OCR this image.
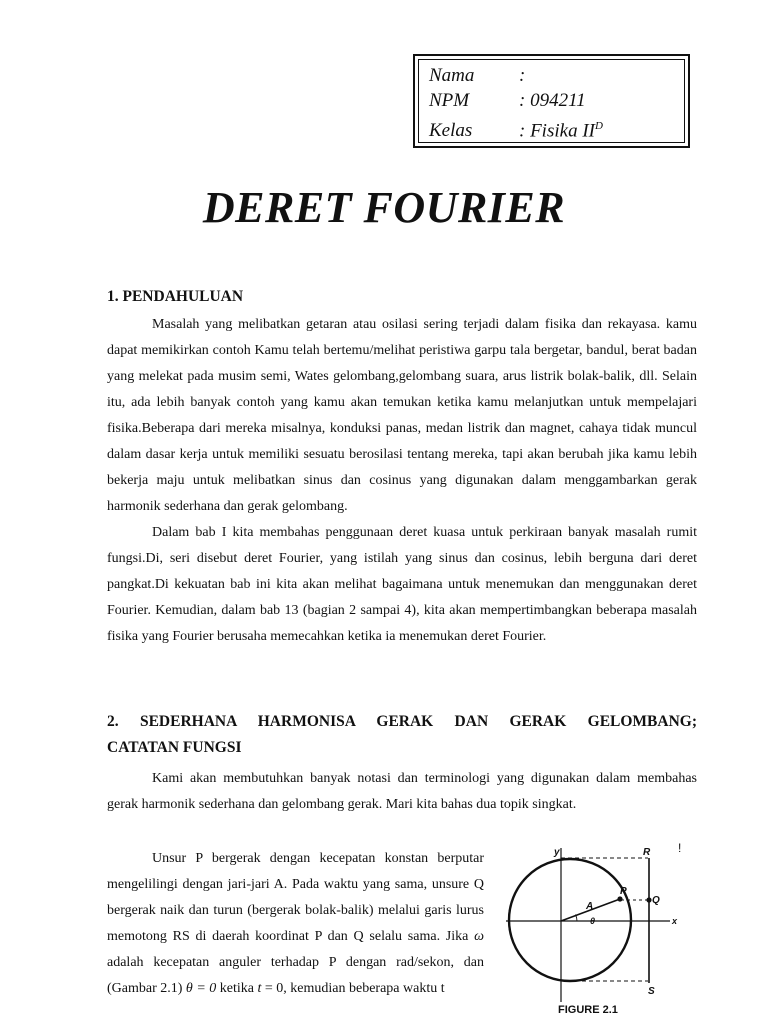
Nama :
NPM	: 094211
Kelas : Fisika $II^D$
DERET FOURIER
1. PENDAHULUAN

Masalah yang melibatkan getaran atau osilasi sering terjadi dalam fisika dan rekayasa. kamu dapat memikirkan contoh Kamu telah bertemu/melihat peristiwa garpu tala bergetar, bandul, berat badan yang melekat pada musim semi, Wates gelombang,gelombang suara, arus listrik bolak-balik, dll. Selain itu, ada lebih banyak contoh yang kamu akan temukan ketika kamu melanjutkan untuk mempelajari fisika.Beberapa dari mereka misalnya, konduksi panas, medan listrik dan magnet, cahaya tidak muncul dalam dasar kerja untuk memiliki sesuatu berosilasi tentang mereka, tapi akan berubah jika kamu lebih bekerja maju untuk melibatkan sinus dan cosinus yang digunakan dalam menggambarkan gerak harmonik sederhana dan gerak gelombang.

Dalam bab I kita membahas penggunaan deret kuasa untuk perkiraan banyak masalah rumit fungsi.Di, seri disebut deret Fourier, yang istilah yang sinus dan cosinus, lebih berguna dari deret pangkat.Di kekuatan bab ini kita akan melihat bagaimana untuk menemukan dan menggunakan deret Fourier. Kemudian, dalam bab 13 (bagian 2 sampai 4), kita akan mempertimbangkan beberapa masalah fisika yang Fourier berusaha memecahkan ketika ia menemukan deret Fourier.

2. SEDERHANA HARMONISA GERAK DAN GERAK GELOMBANG;
CATATAN FUNGSI

Kami akan membutuhkan banyak notasi dan terminologi yang digunakan dalam membahas gerak harmonik sederhana dan gelombang gerak. Mari kita bahas dua topik singkat.

Unsur P bergerak dengan kecepatan konstan berputar mengelilingi dengan jari-jari A. Pada waktu yang sama, unsure Q bergerak naik dan turun (bergerak bolak-balik) melalui garis lurus memotong RS di daerah koordinat P dan Q selalu sama. Jika ω adalah kecepatan anguler terhadap P dengan rad/sekon, dan (Gambar 2.1) θ = 0 ketika t = 0, kemudian beberapa waktu t

y	R
P
Q
A
θ	x
S
!
FIGURE 2.1
